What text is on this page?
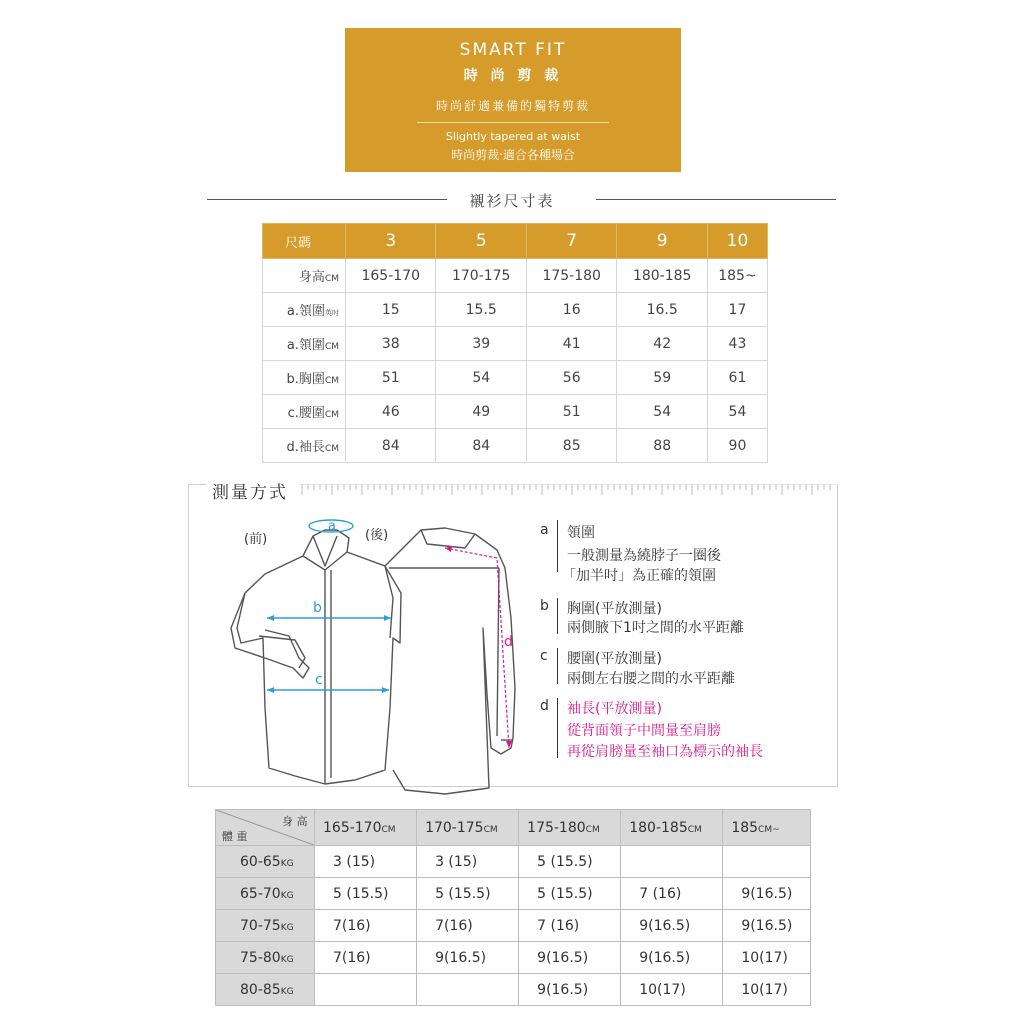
SMART FIT
時 尚 剪 裁
時尚舒適兼備的獨特剪裁
Slightly tapered at waist
時尚剪裁‧適合各種場合
襯衫尺寸表
尺碼	3	5	7	9	10
身高CM	165-170	170-175	175-180	180-185	185~
a.領圍英吋	15	15.5	16	16.5	17
a.領圍CM	38	39	41	42	43
b.胸圍CM	51	54	56	59	61
c.腰圍CM	46	49	51	54	54
d.袖長CM	84	84	85	88	90
測量方式
a
b
c
d
(前)	(後)	a 領圍
一般測量為繞脖子一圈後
「加半吋」為正確的領圍
b 胸圍(平放測量)
兩側腋下1吋之間的水平距離
c 腰圍(平放測量)
兩側左右腰之間的水平距離
d 袖長(平放測量)
從背面領子中間量至肩膀
再從肩膀量至袖口為標示的袖長
身 高
體 重	165-170CM	170-175CM	175-180CM	180-185CM	185CM~
60-65KG	3 (15)	3 (15)	5 (15.5)		
65-70KG	5 (15.5)	5 (15.5)	5 (15.5)	7 (16)	9(16.5)
70-75KG	7(16)	7(16)	7 (16)	9(16.5)	9(16.5)
75-80KG	7(16)	9(16.5)	9(16.5)	9(16.5)	10(17)
80-85KG			9(16.5)	10(17)	10(17)
